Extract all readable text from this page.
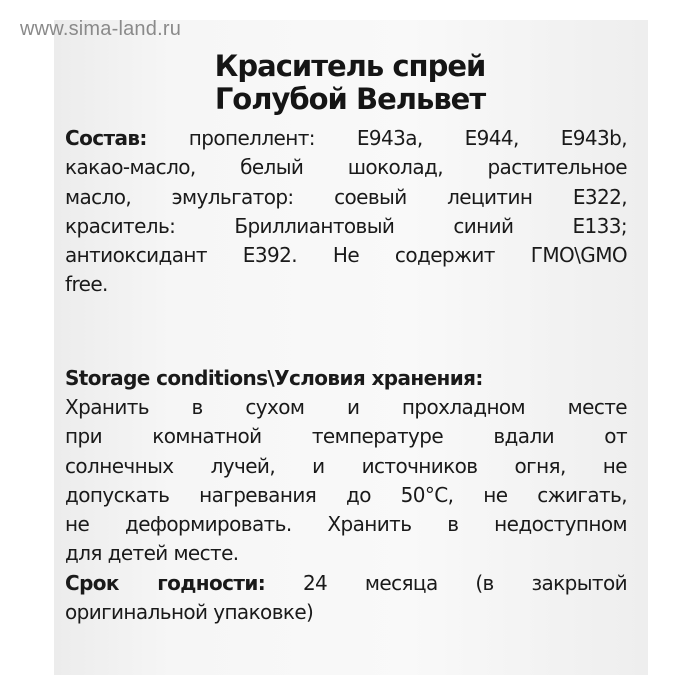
www.sima-land.ru
Краситель спрей
Голубой Вельвет
Состав: пропеллент: E943a, E944, E943b,
какао-масло, белый шоколад, растительное
масло, эмульгатор: соевый лецитин E322,
краситель: Бриллиантовый синий E133;
антиоксидант E392. Не содержит ГМО\GMO
free.
Storage conditions\Условия хранения:
Хранить в сухом и прохладном месте
при комнатной температуре вдали от
солнечных лучей, и источников огня, не
допускать нагревания до 50°C, не сжигать,
не деформировать. Хранить в недоступном
для детей месте.
Срок годности: 24 месяца (в закрытой
оригинальной упаковке)
